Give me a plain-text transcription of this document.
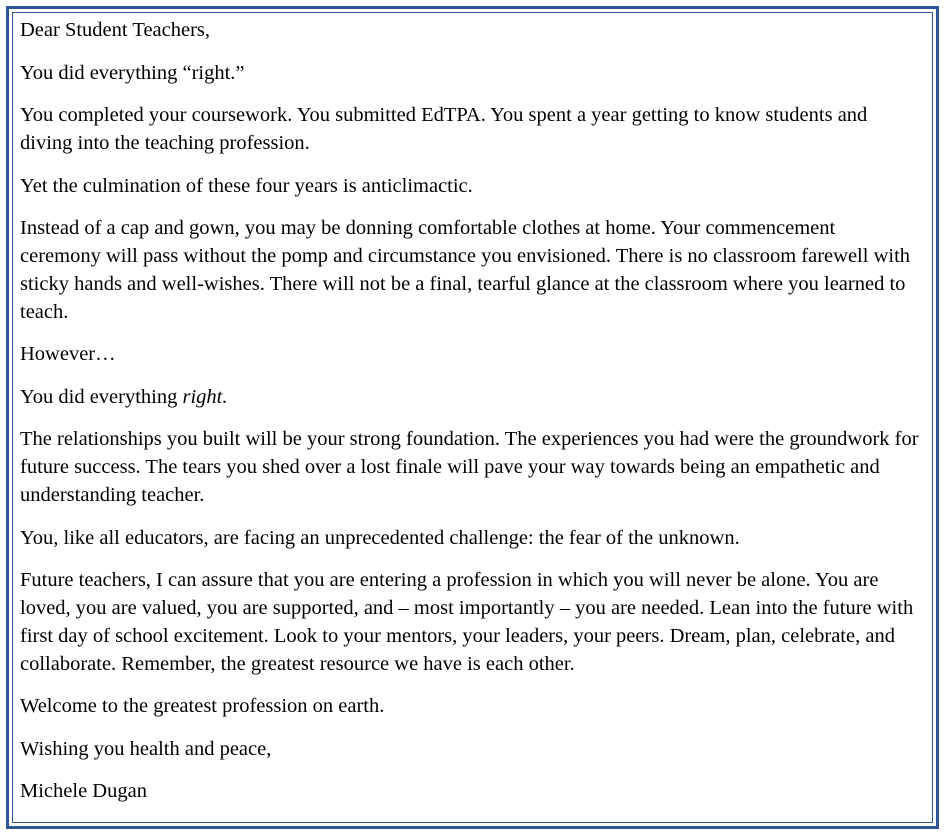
Dear Student Teachers,

You did everything “right.”

You completed your coursework. You submitted EdTPA. You spent a year getting to know students and diving into the teaching profession.

Yet the culmination of these four years is anticlimactic.

Instead of a cap and gown, you may be donning comfortable clothes at home. Your commencement ceremony will pass without the pomp and circumstance you envisioned. There is no classroom farewell with sticky hands and well-wishes. There will not be a final, tearful glance at the classroom where you learned to teach.

However…

You did everything right.

The relationships you built will be your strong foundation. The experiences you had were the groundwork for future success. The tears you shed over a lost finale will pave your way towards being an empathetic and understanding teacher.

You, like all educators, are facing an unprecedented challenge: the fear of the unknown.

Future teachers, I can assure that you are entering a profession in which you will never be alone. You are loved, you are valued, you are supported, and – most importantly – you are needed. Lean into the future with first day of school excitement. Look to your mentors, your leaders, your peers. Dream, plan, celebrate, and collaborate. Remember, the greatest resource we have is each other.

Welcome to the greatest profession on earth.

Wishing you health and peace,

Michele Dugan
